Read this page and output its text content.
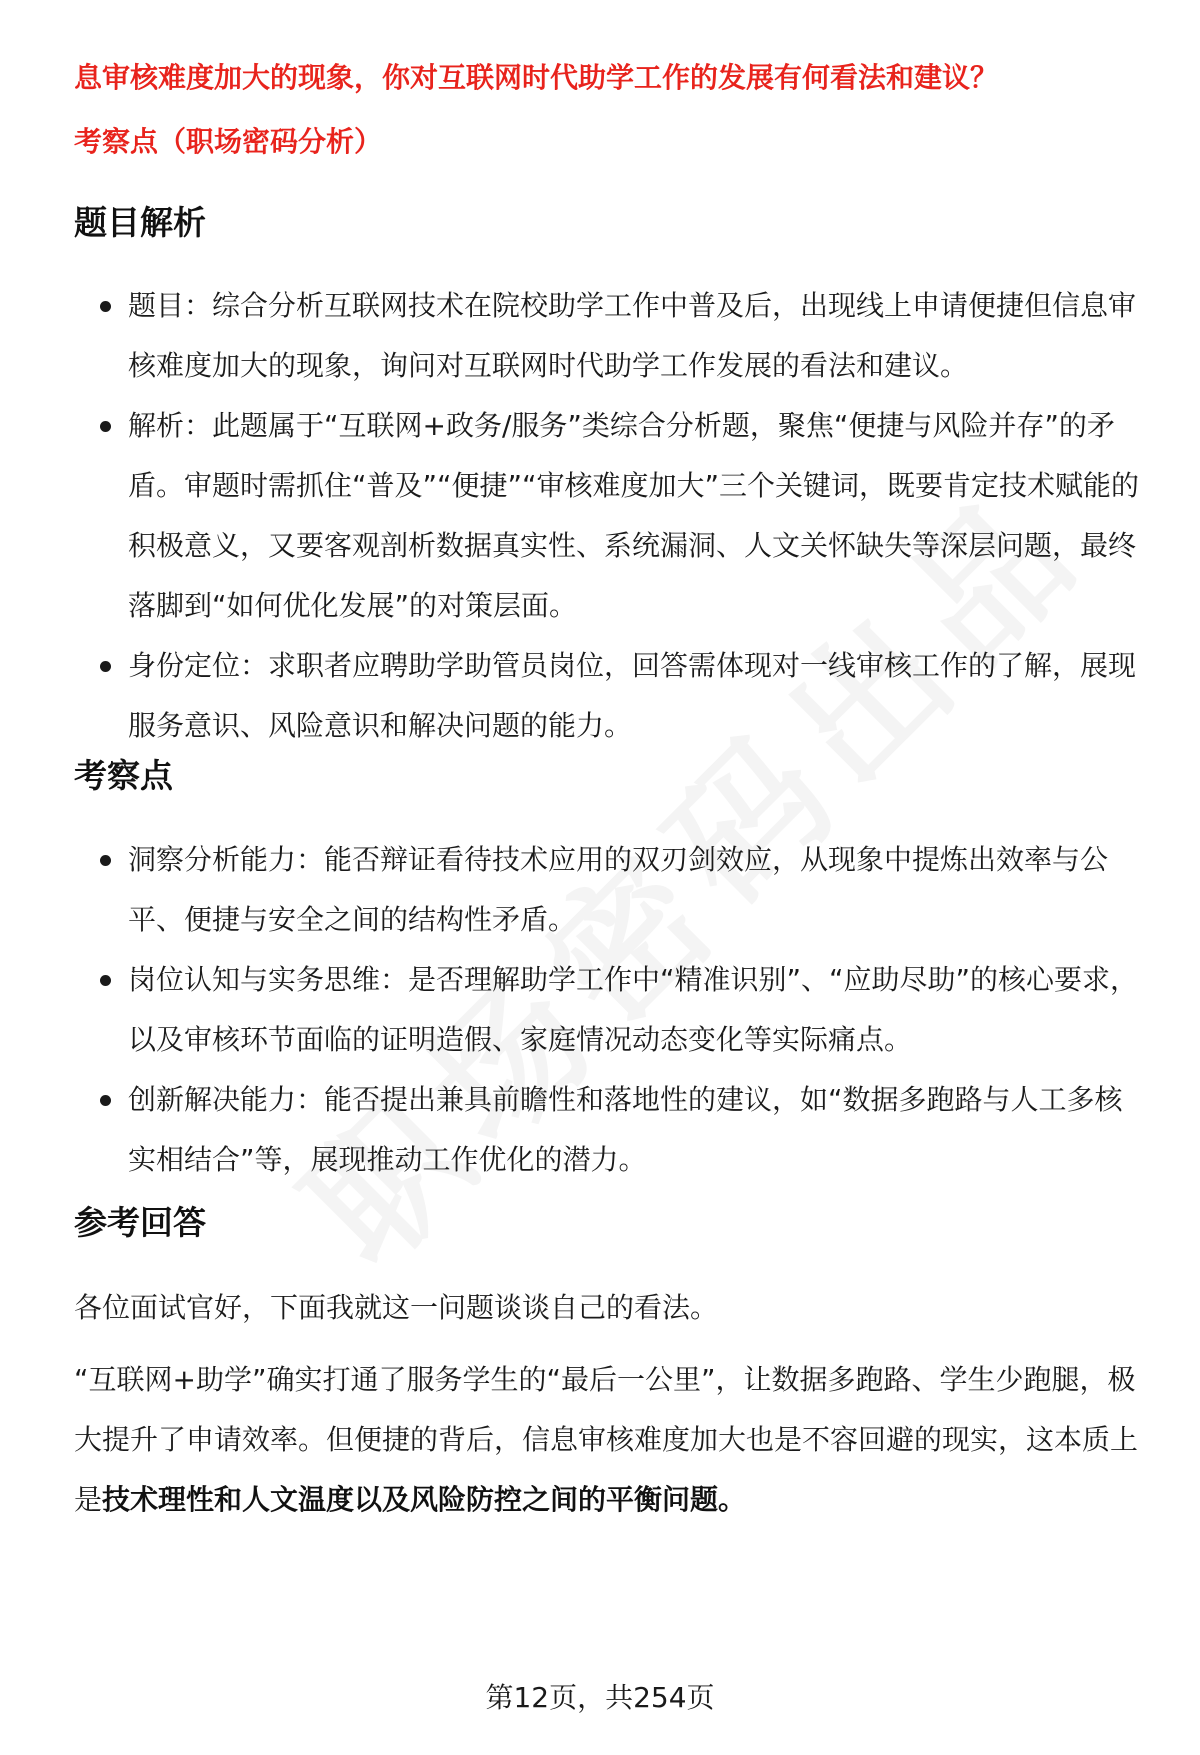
息审核难度加大的现象，你对互联网时代助学工作的发展有何看法和建议？
考察点（职场密码分析）
题目解析
题目：综合分析互联网技术在院校助学工作中普及后，出现线上申请便捷但信息审核难度加大的现象，询问对互联网时代助学工作发展的看法和建议。
解析：此题属于“互联网+政务/服务”类综合分析题，聚焦“便捷与风险并存”的矛盾。审题时需抓住“普及”“便捷”“审核难度加大”三个关键词，既要肯定技术赋能的积极意义，又要客观剖析数据真实性、系统漏洞、人文关怀缺失等深层问题，最终落脚到“如何优化发展”的对策层面。
身份定位：求职者应聘助学助管员岗位，回答需体现对一线审核工作的了解，展现服务意识、风险意识和解决问题的能力。
考察点
洞察分析能力：能否辩证看待技术应用的双刃剑效应，从现象中提炼出效率与公平、便捷与安全之间的结构性矛盾。
岗位认知与实务思维：是否理解助学工作中“精准识别”、“应助尽助”的核心要求，以及审核环节面临的证明造假、家庭情况动态变化等实际痛点。
创新解决能力：能否提出兼具前瞻性和落地性的建议，如“数据多跑路与人工多核实相结合”等，展现推动工作优化的潜力。
参考回答

各位面试官好，下面我就这一问题谈谈自己的看法。

“互联网+助学”确实打通了服务学生的“最后一公里”，让数据多跑路、学生少跑腿，极大提升了申请效率。但便捷的背后，信息审核难度加大也是不容回避的现实，这本质上是技术理性和人文温度以及风险防控之间的平衡问题。

第12页，共254页
